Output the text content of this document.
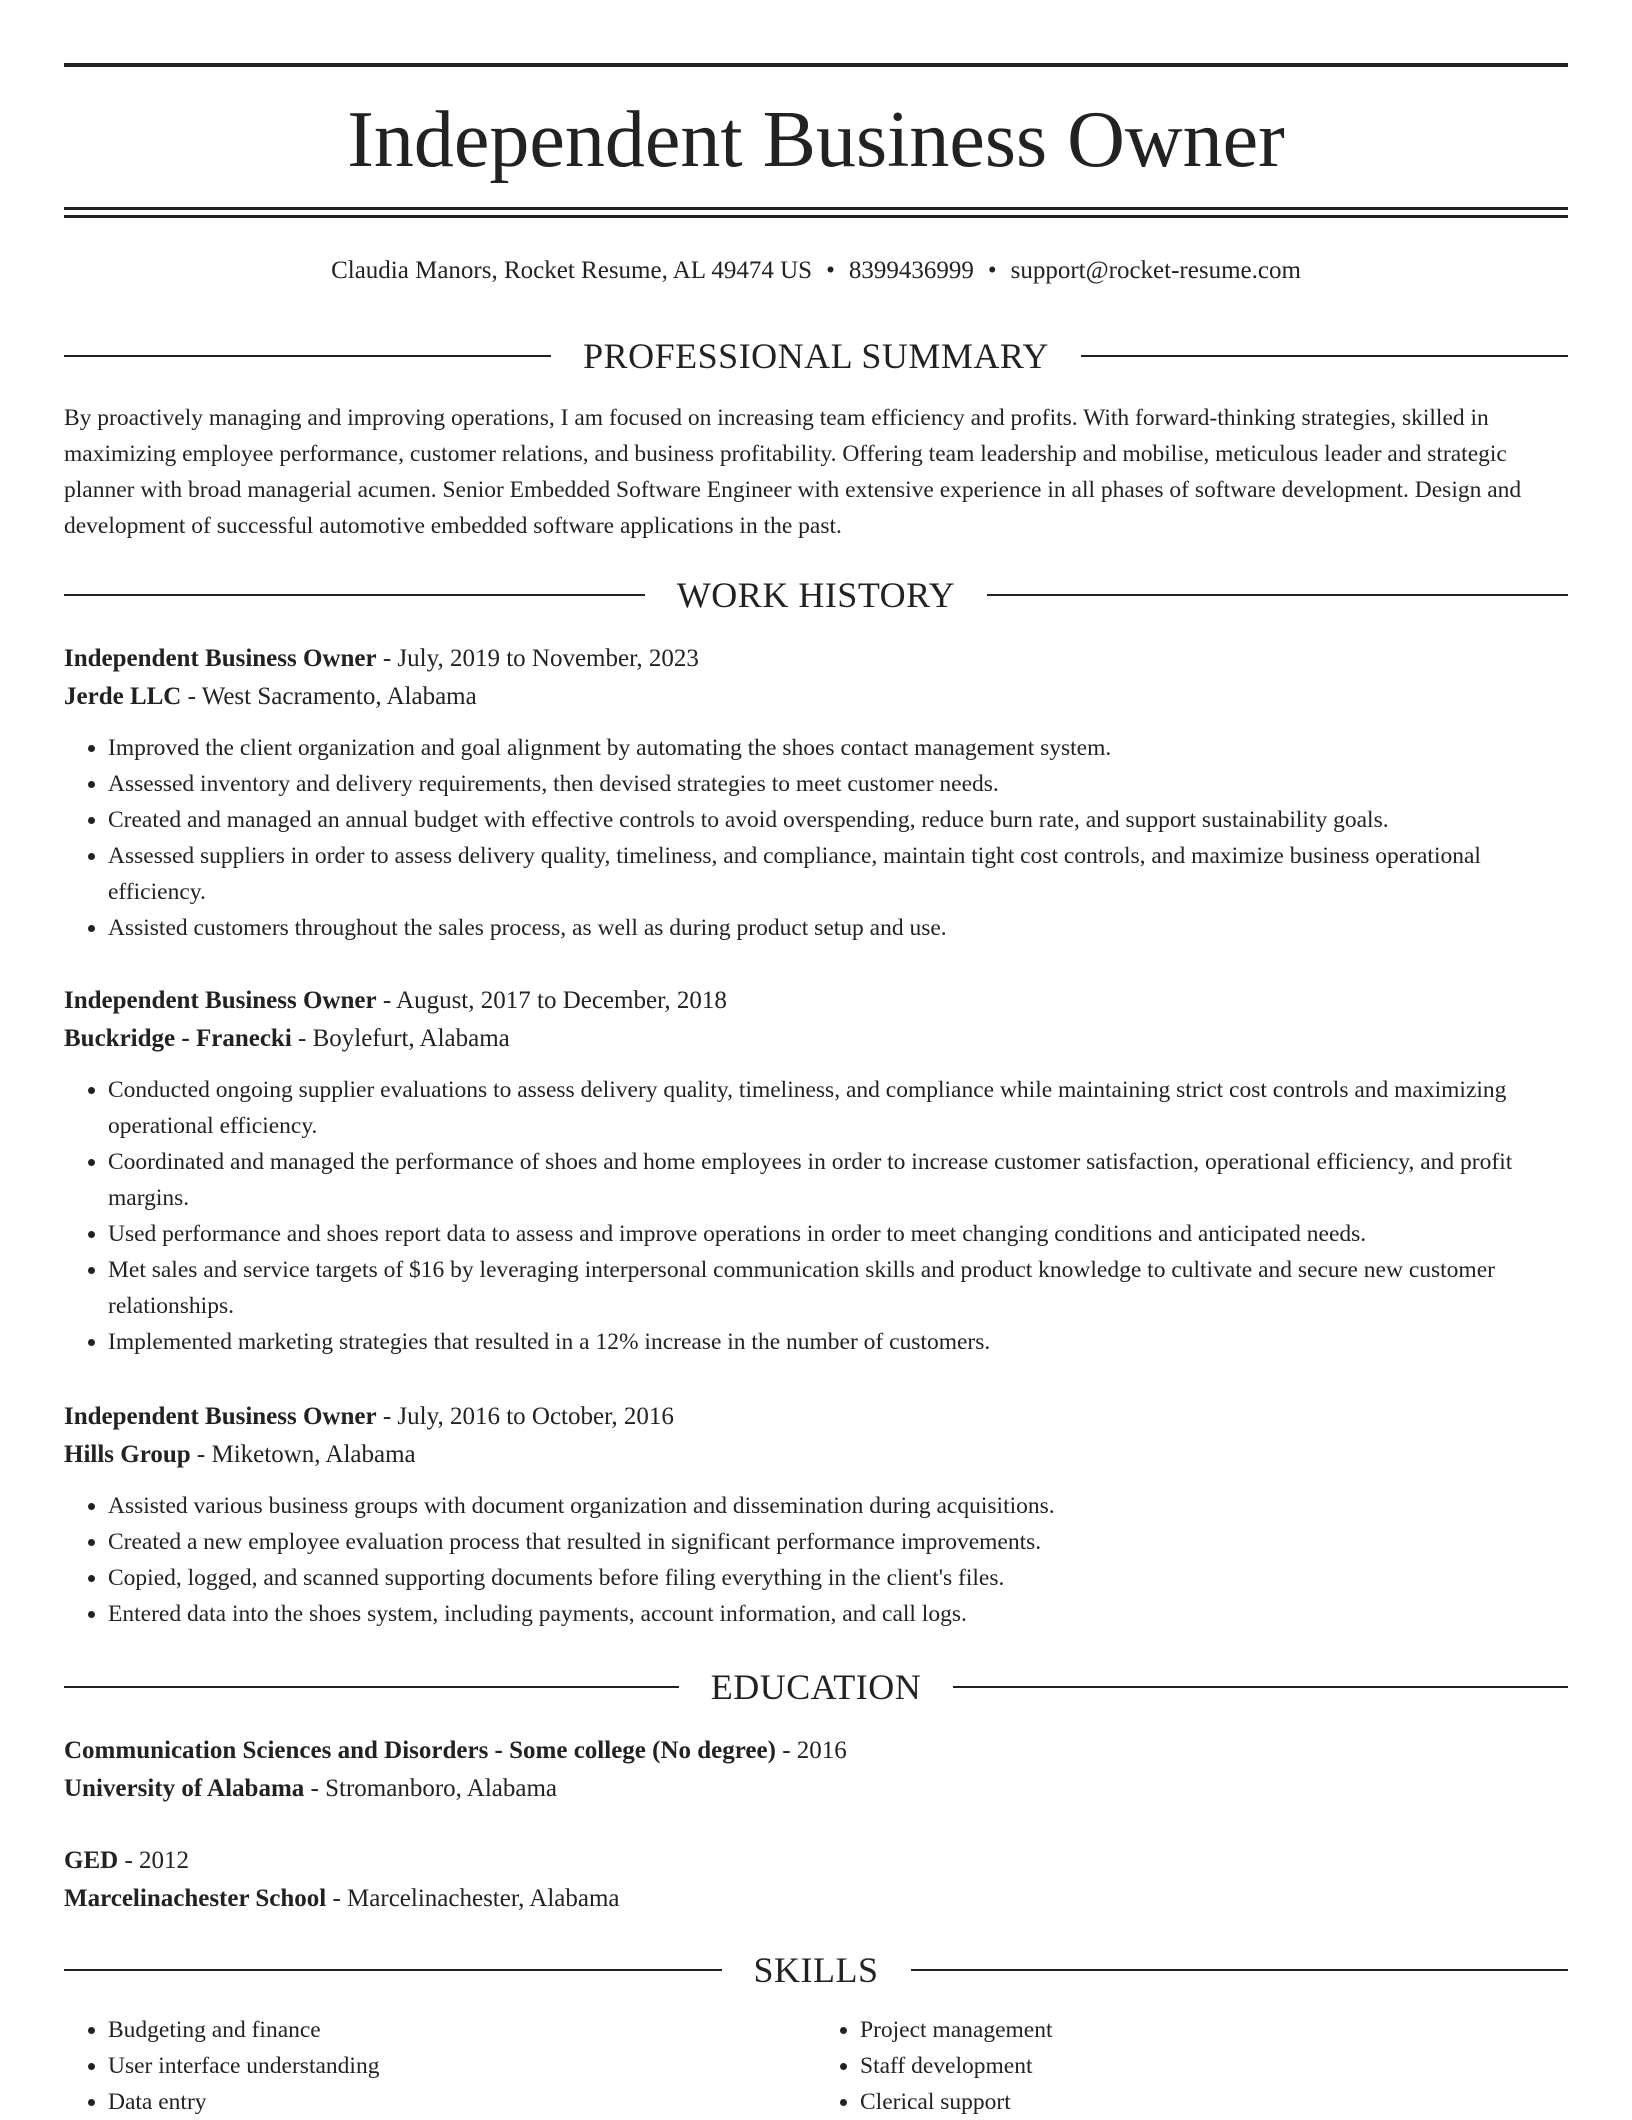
Independent Business Owner
Claudia Manors, Rocket Resume, AL 49474 US • 8399436999 • support@rocket-resume.com
PROFESSIONAL SUMMARY

By proactively managing and improving operations, I am focused on increasing team efficiency and profits. With forward-thinking strategies, skilled in maximizing employee performance, customer relations, and business profitability. Offering team leadership and mobilise, meticulous leader and strategic planner with broad managerial acumen. Senior Embedded Software Engineer with extensive experience in all phases of software development. Design and development of successful automotive embedded software applications in the past.

WORK HISTORY
Independent Business Owner - July, 2019 to November, 2023
Jerde LLC - West Sacramento, Alabama
• Improved the client organization and goal alignment by automating the shoes contact management system.
• Assessed inventory and delivery requirements, then devised strategies to meet customer needs.
• Created and managed an annual budget with effective controls to avoid overspending, reduce burn rate, and support sustainability goals.
• Assessed suppliers in order to assess delivery quality, timeliness, and compliance, maintain tight cost controls, and maximize business operational efficiency.
• Assisted customers throughout the sales process, as well as during product setup and use.
Independent Business Owner - August, 2017 to December, 2018
Buckridge - Franecki - Boylefurt, Alabama
• Conducted ongoing supplier evaluations to assess delivery quality, timeliness, and compliance while maintaining strict cost controls and maximizing operational efficiency.
• Coordinated and managed the performance of shoes and home employees in order to increase customer satisfaction, operational efficiency, and profit margins.
• Used performance and shoes report data to assess and improve operations in order to meet changing conditions and anticipated needs.
• Met sales and service targets of $16 by leveraging interpersonal communication skills and product knowledge to cultivate and secure new customer relationships.
• Implemented marketing strategies that resulted in a 12% increase in the number of customers.
Independent Business Owner - July, 2016 to October, 2016
Hills Group - Miketown, Alabama
• Assisted various business groups with document organization and dissemination during acquisitions.
• Created a new employee evaluation process that resulted in significant performance improvements.
• Copied, logged, and scanned supporting documents before filing everything in the client's files.
• Entered data into the shoes system, including payments, account information, and call logs.
EDUCATION
Communication Sciences and Disorders - Some college (No degree) - 2016
University of Alabama - Stromanboro, Alabama
GED - 2012
Marcelinachester School - Marcelinachester, Alabama
SKILLS
• Budgeting and finance
• User interface understanding
• Data entry
• Project management
• Staff development
• Clerical support
